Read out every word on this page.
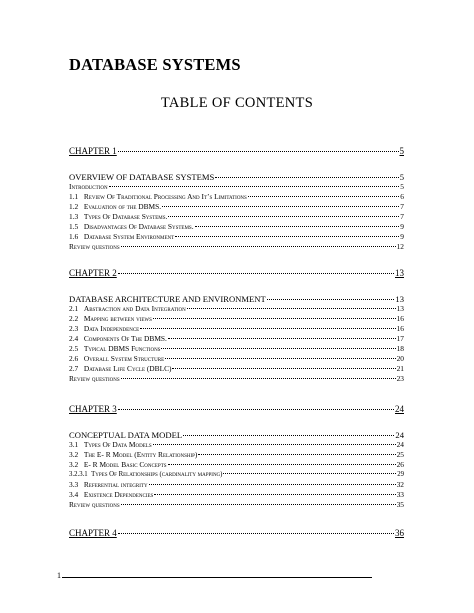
DATABASE SYSTEMS
TABLE OF CONTENTS
CHAPTER 1	5
OVERVIEW OF DATABASE SYSTEMS	5
Introduction	5
1.1 Review Of Traditional Processing And It’s Limitations	6
1.2 Evaluation of the DBMS.	7
1.3 Types Of Database Systems.	7
1.5 Disadvantages Of Database Systems.	9
1.6 Database System Environment	9
Review questions	12
CHAPTER 2	13
DATABASE ARCHITECTURE AND ENVIRONMENT	13
2.1 Abstraction and Data Integration	13
2.2 Mapping between views	16
2.3 Data Independence	16
2.4 Components Of The DBMS.	17
2.5 Typical DBMS Functions	18
2.6 Overall System Structure	20
2.7 Database Life Cycle (DBLC)	21
Review questions	23
CHAPTER 3	24
CONCEPTUAL DATA MODEL	24
3.1 Types Of Data Models	24
3.2 The E- R Model (Entity Relationship)	25
3.2 E- R Model Basic Concepts	26
3.2.3.1 Types Of Relationships (cardinality mapping)	29
3.3 Referential integrity	32
3.4 Existence Dependencies	33
Review questions	35
CHAPTER 4	36
1
